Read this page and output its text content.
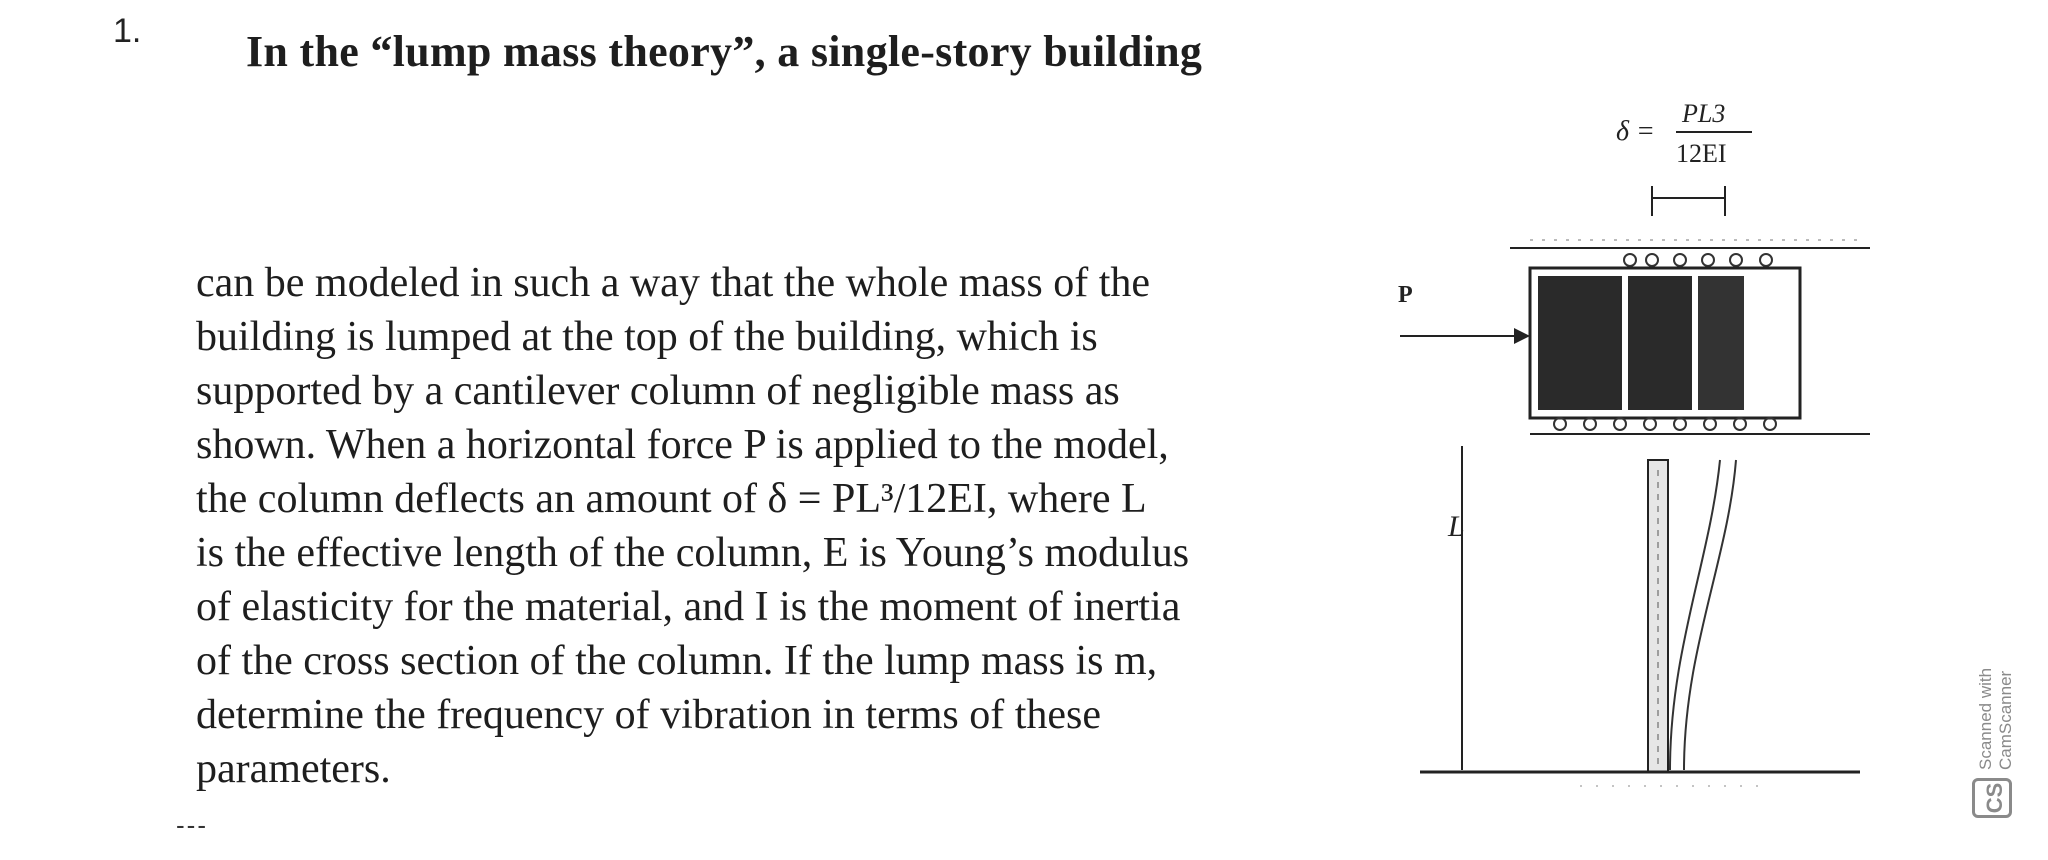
1. In the “lump mass theory”, a single-story building
can be modeled in such a way that the whole mass of the
building is lumped at the top of the building, which is
supported by a cantilever column of negligible mass as
shown. When a horizontal force P is applied to the model,
the column deflects an amount of δ = PL³/12EI, where L
is the effective length of the column, E is Young’s modulus
of elasticity for the material, and I is the moment of inertia
of the cross section of the column. If the lump mass is m,
determine the frequency of vibration in terms of these
parameters.
---
δ =
PL3
12EI
P
L
Scanned with CamScanner
CS
